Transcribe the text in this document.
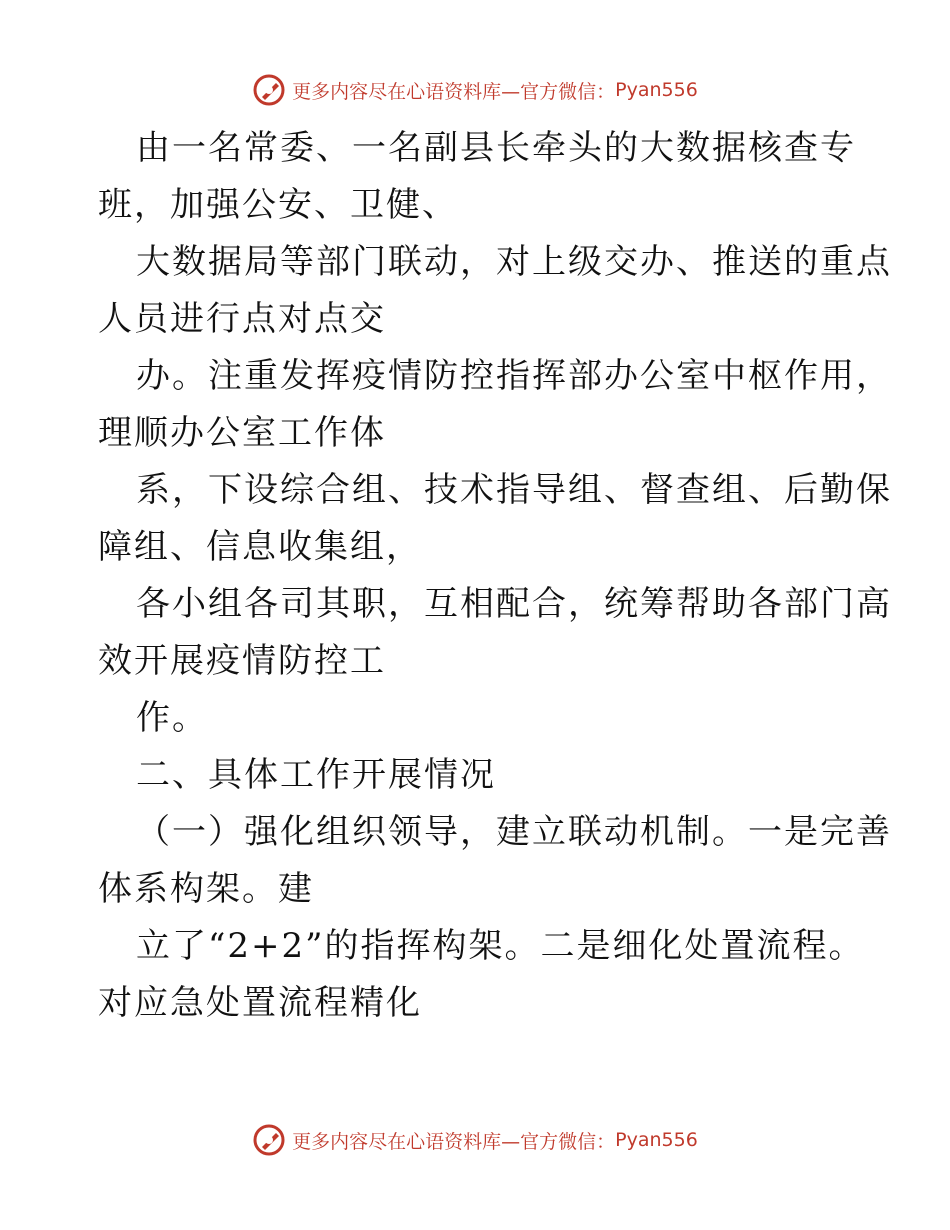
更多内容尽在心语资料库—官方微信： Pyan556
由一名常委、一名副县长牵头的大数据核查专
班，加强公安、卫健、
大数据局等部门联动，对上级交办、推送的重点
人员进行点对点交
办。注重发挥疫情防控指挥部办公室中枢作用，
理顺办公室工作体
系，下设综合组、技术指导组、督查组、后勤保
障组、信息收集组，
各小组各司其职，互相配合，统筹帮助各部门高
效开展疫情防控工
作。
二、具体工作开展情况
（一）强化组织领导，建立联动机制。一是完善
体系构架。建
立了“2+2”的指挥构架。二是细化处置流程。
对应急处置流程精化
更多内容尽在心语资料库—官方微信： Pyan556
